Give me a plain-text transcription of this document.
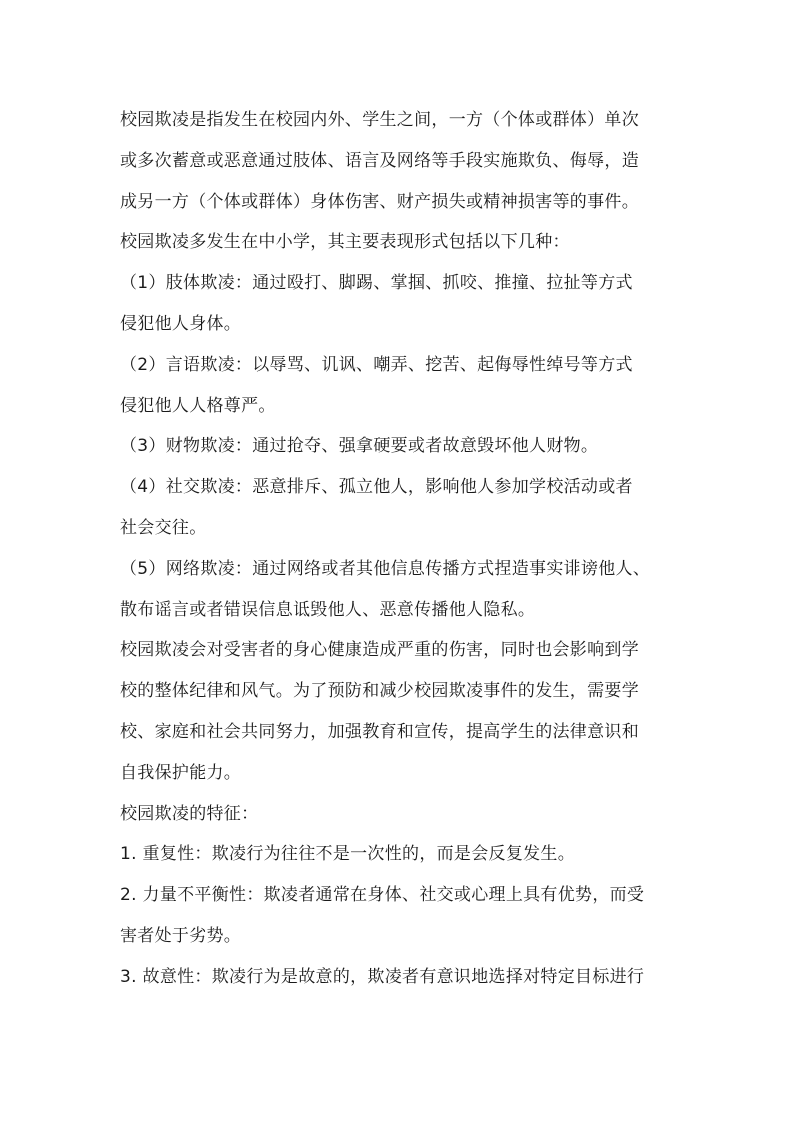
校园欺凌是指发生在校园内外、学生之间，一方（个体或群体）单次

或多次蓄意或恶意通过肢体、语言及网络等手段实施欺负、侮辱，造

成另一方（个体或群体）身体伤害、财产损失或精神损害等的事件。

校园欺凌多发生在中小学，其主要表现形式包括以下几种：

（1）肢体欺凌：通过殴打、脚踢、掌掴、抓咬、推撞、拉扯等方式

侵犯他人身体。

（2）言语欺凌：以辱骂、讥讽、嘲弄、挖苦、起侮辱性绰号等方式

侵犯他人人格尊严。

（3）财物欺凌：通过抢夺、强拿硬要或者故意毁坏他人财物。

（4）社交欺凌：恶意排斥、孤立他人，影响他人参加学校活动或者

社会交往。

（5）网络欺凌：通过网络或者其他信息传播方式捏造事实诽谤他人、

散布谣言或者错误信息诋毁他人、恶意传播他人隐私。

校园欺凌会对受害者的身心健康造成严重的伤害，同时也会影响到学

校的整体纪律和风气。为了预防和减少校园欺凌事件的发生，需要学

校、家庭和社会共同努力，加强教育和宣传，提高学生的法律意识和

自我保护能力。

校园欺凌的特征：

1. 重复性：欺凌行为往往不是一次性的，而是会反复发生。

2. 力量不平衡性：欺凌者通常在身体、社交或心理上具有优势，而受

害者处于劣势。

3. 故意性：欺凌行为是故意的，欺凌者有意识地选择对特定目标进行
